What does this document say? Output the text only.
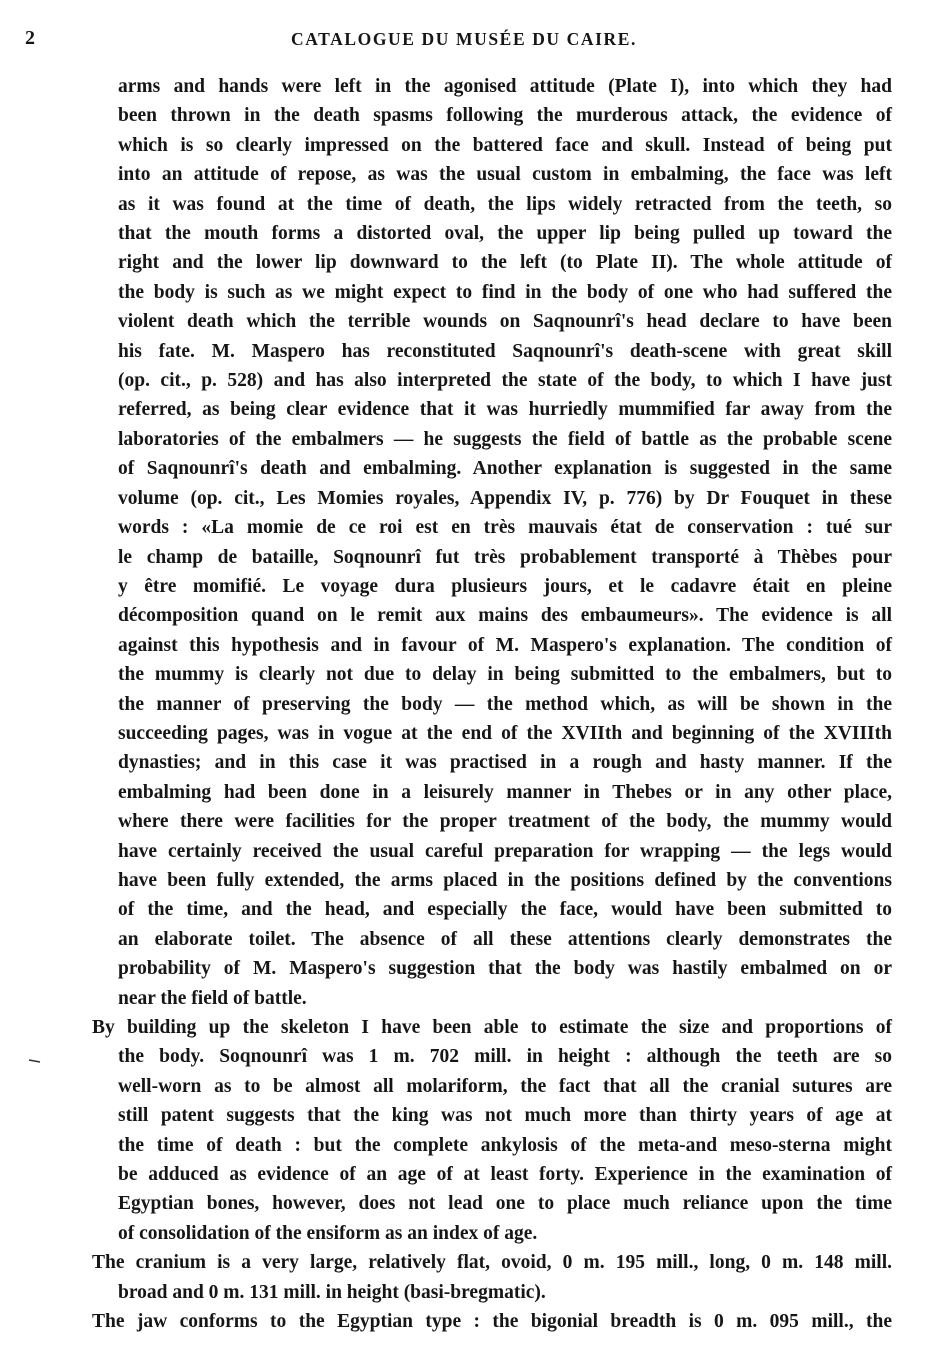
2	CATALOGUE DU MUSÉE DU CAIRE.
arms and hands were left in the agonised attitude (Plate I), into which they had
been thrown in the death spasms following the murderous attack, the evidence of
which is so clearly impressed on the battered face and skull. Instead of being put
into an attitude of repose, as was the usual custom in embalming, the face was left
as it was found at the time of death, the lips widely retracted from the teeth, so
that the mouth forms a distorted oval, the upper lip being pulled up toward the
right and the lower lip downward to the left (to Plate II). The whole attitude of
the body is such as we might expect to find in the body of one who had suffered the
violent death which the terrible wounds on Saqnounrî's head declare to have been
his fate. M. Maspero has reconstituted Saqnounrî's death-scene with great skill
(op. cit., p. 528) and has also interpreted the state of the body, to which I have just
referred, as being clear evidence that it was hurriedly mummified far away from the
laboratories of the embalmers — he suggests the field of battle as the probable scene
of Saqnounrî's death and embalming. Another explanation is suggested in the same
volume (op. cit., Les Momies royales, Appendix IV, p. 776) by Dr Fouquet in these
words : «La momie de ce roi est en très mauvais état de conservation : tué sur
le champ de bataille, Soqnounrî fut très probablement transporté à Thèbes pour
y être momifié. Le voyage dura plusieurs jours, et le cadavre était en pleine
décomposition quand on le remit aux mains des embaumeurs». The evidence is all
against this hypothesis and in favour of M. Maspero's explanation. The condition of
the mummy is clearly not due to delay in being submitted to the embalmers, but to
the manner of preserving the body — the method which, as will be shown in the
succeeding pages, was in vogue at the end of the XVIIth and beginning of the XVIIIth
dynasties; and in this case it was practised in a rough and hasty manner. If the
embalming had been done in a leisurely manner in Thebes or in any other place,
where there were facilities for the proper treatment of the body, the mummy would
have certainly received the usual careful preparation for wrapping — the legs would
have been fully extended, the arms placed in the positions defined by the conventions
of the time, and the head, and especially the face, would have been submitted to
an elaborate toilet. The absence of all these attentions clearly demonstrates the
probability of M. Maspero's suggestion that the body was hastily embalmed on or
near the field of battle.
By building up the skeleton I have been able to estimate the size and proportions of
the body. Soqnounrî was 1 m. 702 mill. in height : although the teeth are so
well-worn as to be almost all molariform, the fact that all the cranial sutures are
still patent suggests that the king was not much more than thirty years of age at
the time of death : but the complete ankylosis of the meta-and meso-sterna might
be adduced as evidence of an age of at least forty. Experience in the examination of
Egyptian bones, however, does not lead one to place much reliance upon the time
of consolidation of the ensiform as an index of age.
The cranium is a very large, relatively flat, ovoid, 0 m. 195 mill., long, 0 m. 148 mill.
broad and 0 m. 131 mill. in height (basi-bregmatic).
The jaw conforms to the Egyptian type : the bigonial breadth is 0 m. 095 mill., the
